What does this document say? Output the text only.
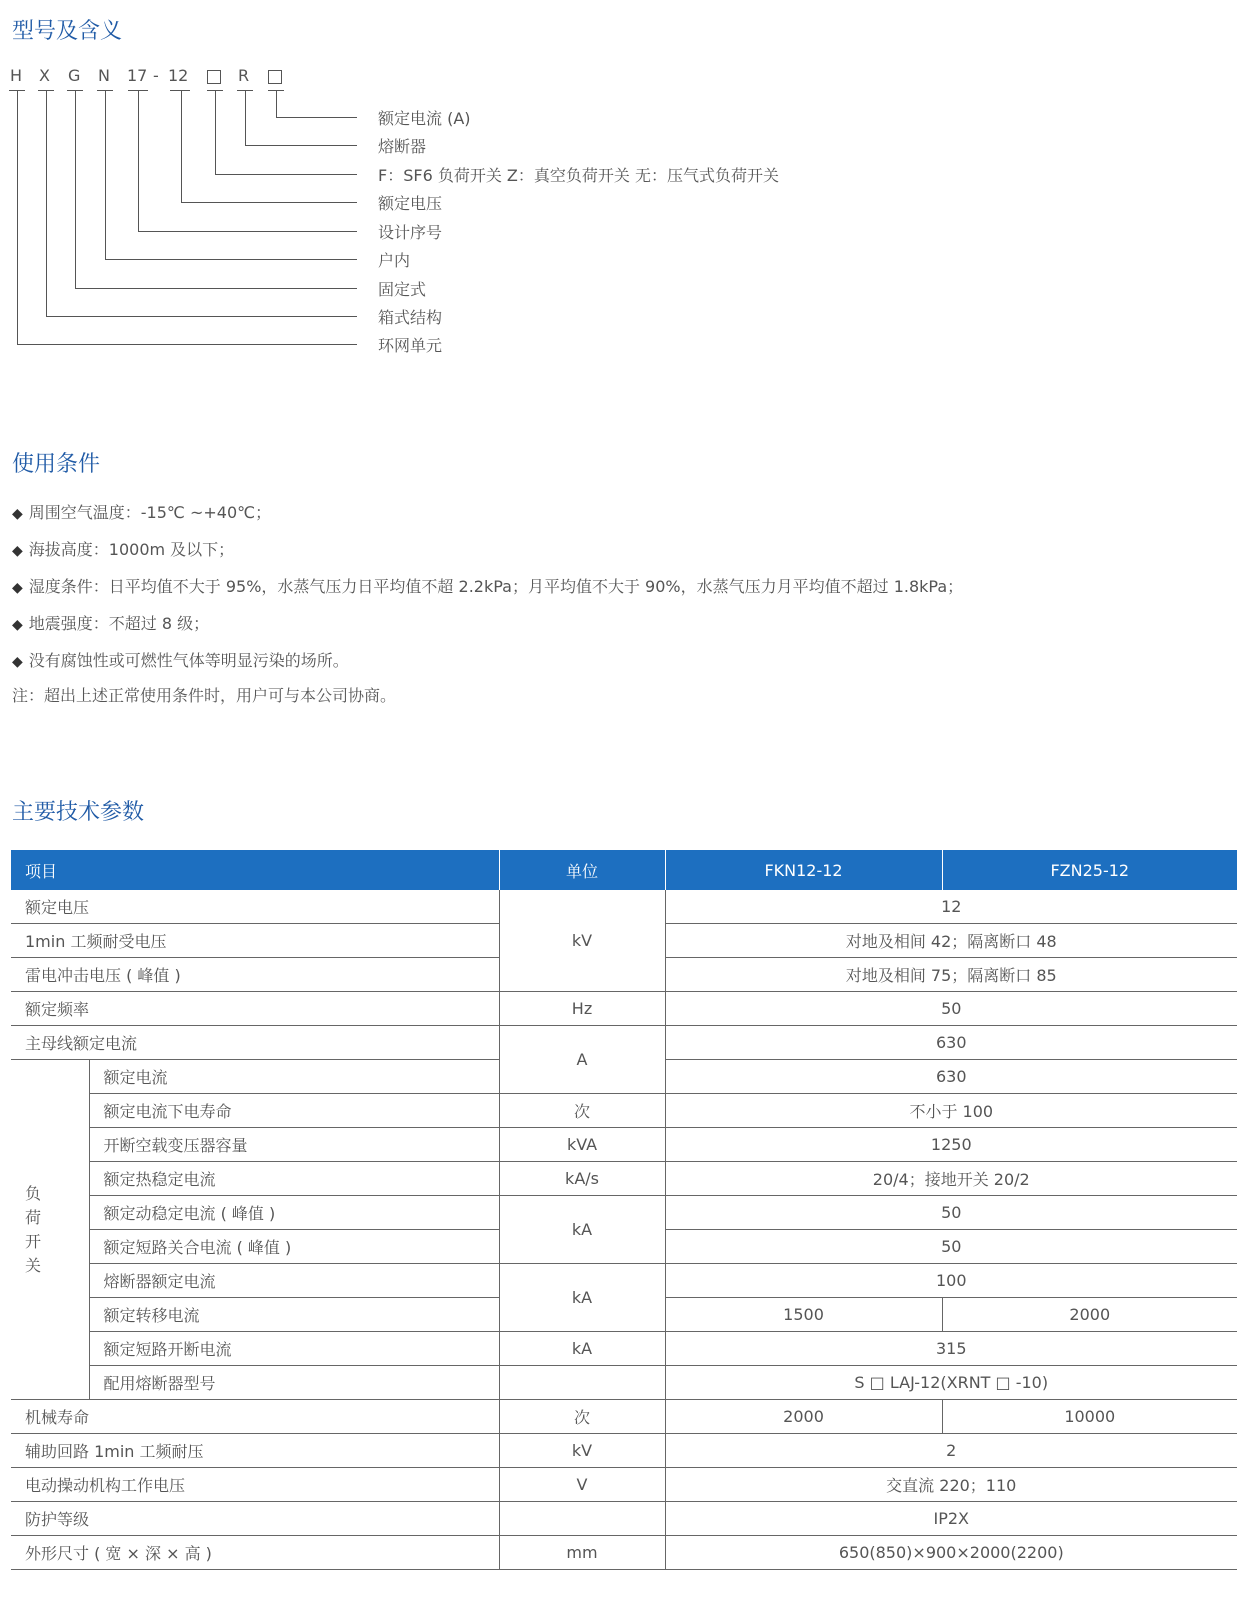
型号及含义
H X G N 17 - 12	R
额定电流 (A)
熔断器
F：SF6 负荷开关 Z：真空负荷开关 无：压气式负荷开关
额定电压
设计序号
户内
固定式
箱式结构
环网单元
使用条件
◆ 周围空气温度：-15℃ ~+40℃；
◆ 海拔高度：1000m 及以下；
◆ 湿度条件：日平均值不大于 95%，水蒸气压力日平均值不超 2.2kPa；月平均值不大于 90%，水蒸气压力月平均值不超过 1.8kPa；
◆ 地震强度：不超过 8 级；
◆ 没有腐蚀性或可燃性气体等明显污染的场所。
注：超出上述正常使用条件时，用户可与本公司协商。
主要技术参数
项目		单位	FKN12-12	FZN25-12
额定电压		kV	12	
1min 工频耐受电压			对地及相间 42；隔离断口 48	
雷电冲击电压 ( 峰值 )			对地及相间 75；隔离断口 85	
额定频率		Hz	50	
主母线额定电流		A	630	

负
荷
开
关	额定电流		630	
	额定电流下电寿命	次	不小于 100	
	开断空载变压器容量	kVA	1250	
	额定热稳定电流	kA/s	20/4；接地开关 20/2	
	额定动稳定电流 ( 峰值 )	kA	50	
	额定短路关合电流 ( 峰值 )		50	
	熔断器额定电流	kA	100	
	额定转移电流		1500	2000
	额定短路开断电流	kA	315	
	配用熔断器型号		S □ LAJ-12(XRNT □ -10)	
机械寿命		次	2000	10000
辅助回路 1min 工频耐压		kV	2	
电动操动机构工作电压		V	交直流 220；110	
防护等级			IP2X	
外形尺寸 ( 宽 × 深 × 高 )		mm	650(850)×900×2000(2200)	
